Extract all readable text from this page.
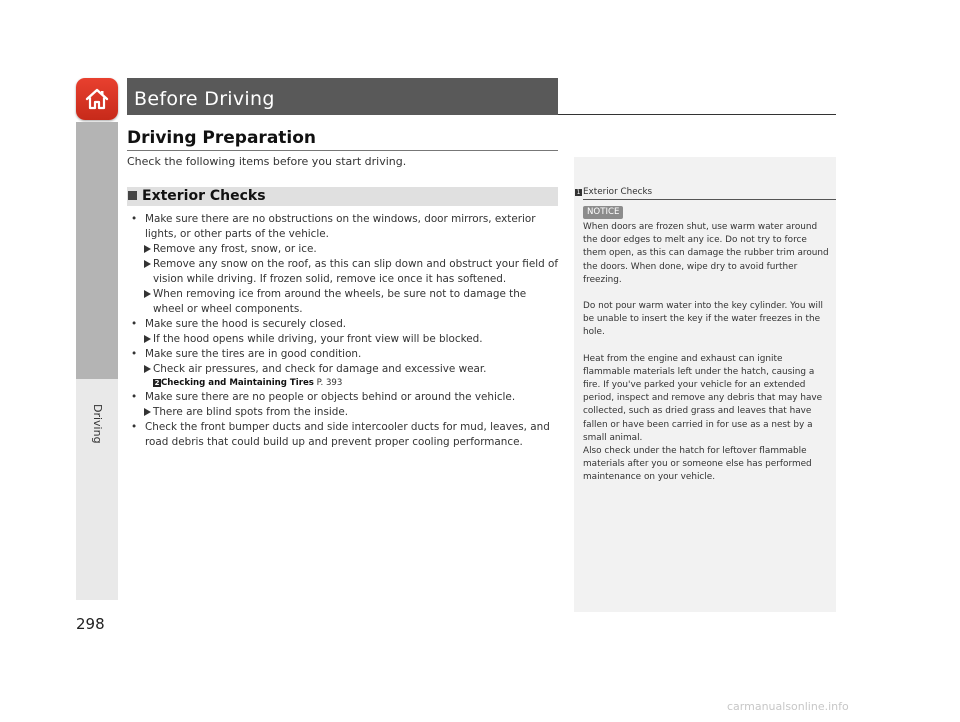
Driving
298
Before Driving
Driving Preparation
Check the following items before you start driving.
Exterior Checks

• Make sure there are no obstructions on the windows, door mirrors, exterior lights, or other parts of the vehicle.

Remove any frost, snow, or ice.

Remove any snow on the roof, as this can slip down and obstruct your field of vision while driving. If frozen solid, remove ice once it has softened.

When removing ice from around the wheels, be sure not to damage the wheel or wheel components.

• Make sure the hood is securely closed.

If the hood opens while driving, your front view will be blocked.

• Make sure the tires are in good condition.

Check air pressures, and check for damage and excessive wear.

2 Checking and Maintaining Tires P. 393

• Make sure there are no people or objects behind or around the vehicle.

There are blind spots from the inside.

• Check the front bumper ducts and side intercooler ducts for mud, leaves, and road debris that could build up and prevent proper cooling performance.

1 Exterior Checks
NOTICE

When doors are frozen shut, use warm water around the door edges to melt any ice. Do not try to force them open, as this can damage the rubber trim around the doors. When done, wipe dry to avoid further freezing.

Do not pour warm water into the key cylinder. You will be unable to insert the key if the water freezes in the hole.

Heat from the engine and exhaust can ignite flammable materials left under the hatch, causing a fire. If you've parked your vehicle for an extended period, inspect and remove any debris that may have collected, such as dried grass and leaves that have fallen or have been carried in for use as a nest by a small animal.

Also check under the hatch for leftover flammable materials after you or someone else has performed maintenance on your vehicle.

carmanualsonline.info
